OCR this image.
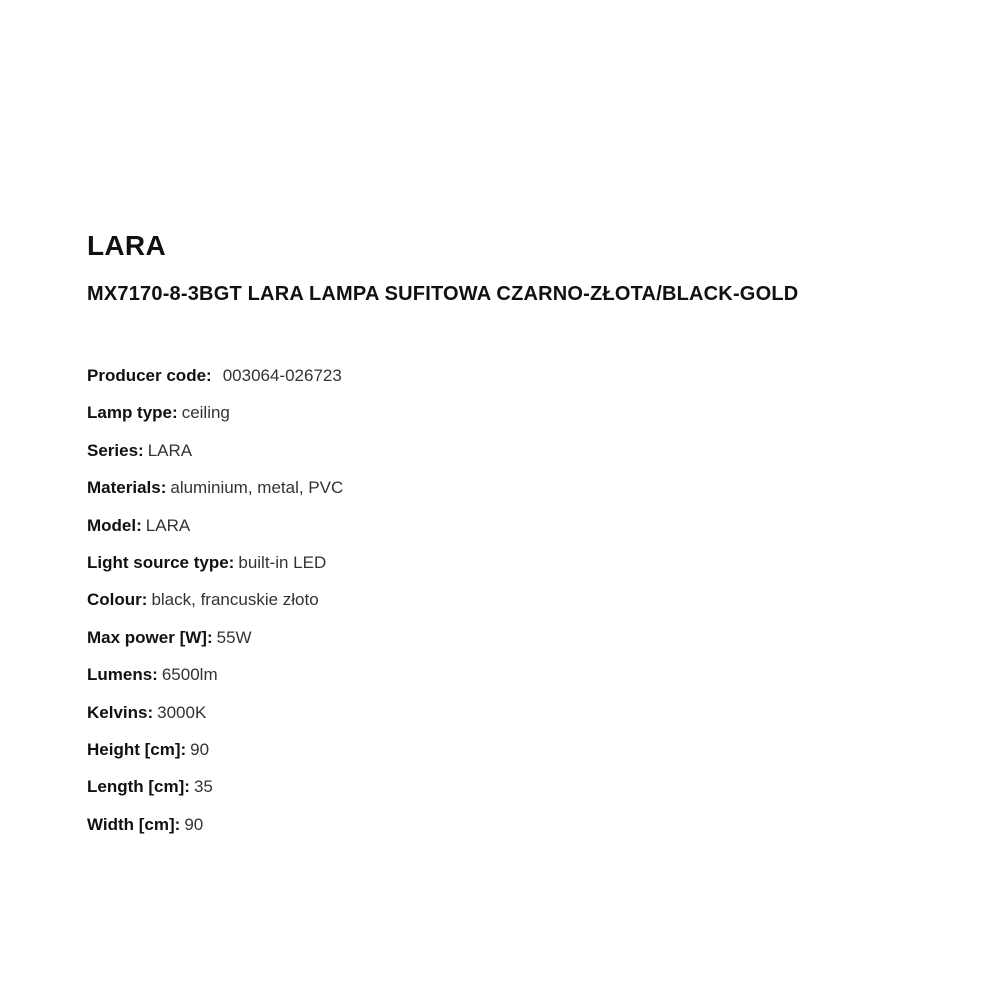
LARA
MX7170-8-3BGT LARA LAMPA SUFITOWA CZARNO-ZŁOTA/BLACK-GOLD
Producer code: 003064-026723
Lamp type: ceiling
Series: LARA
Materials: aluminium, metal, PVC
Model: LARA
Light source type: built-in LED
Colour: black, francuskie złoto
Max power [W]: 55W
Lumens: 6500lm
Kelvins: 3000K
Height [cm]: 90
Length [cm]: 35
Width [cm]: 90
